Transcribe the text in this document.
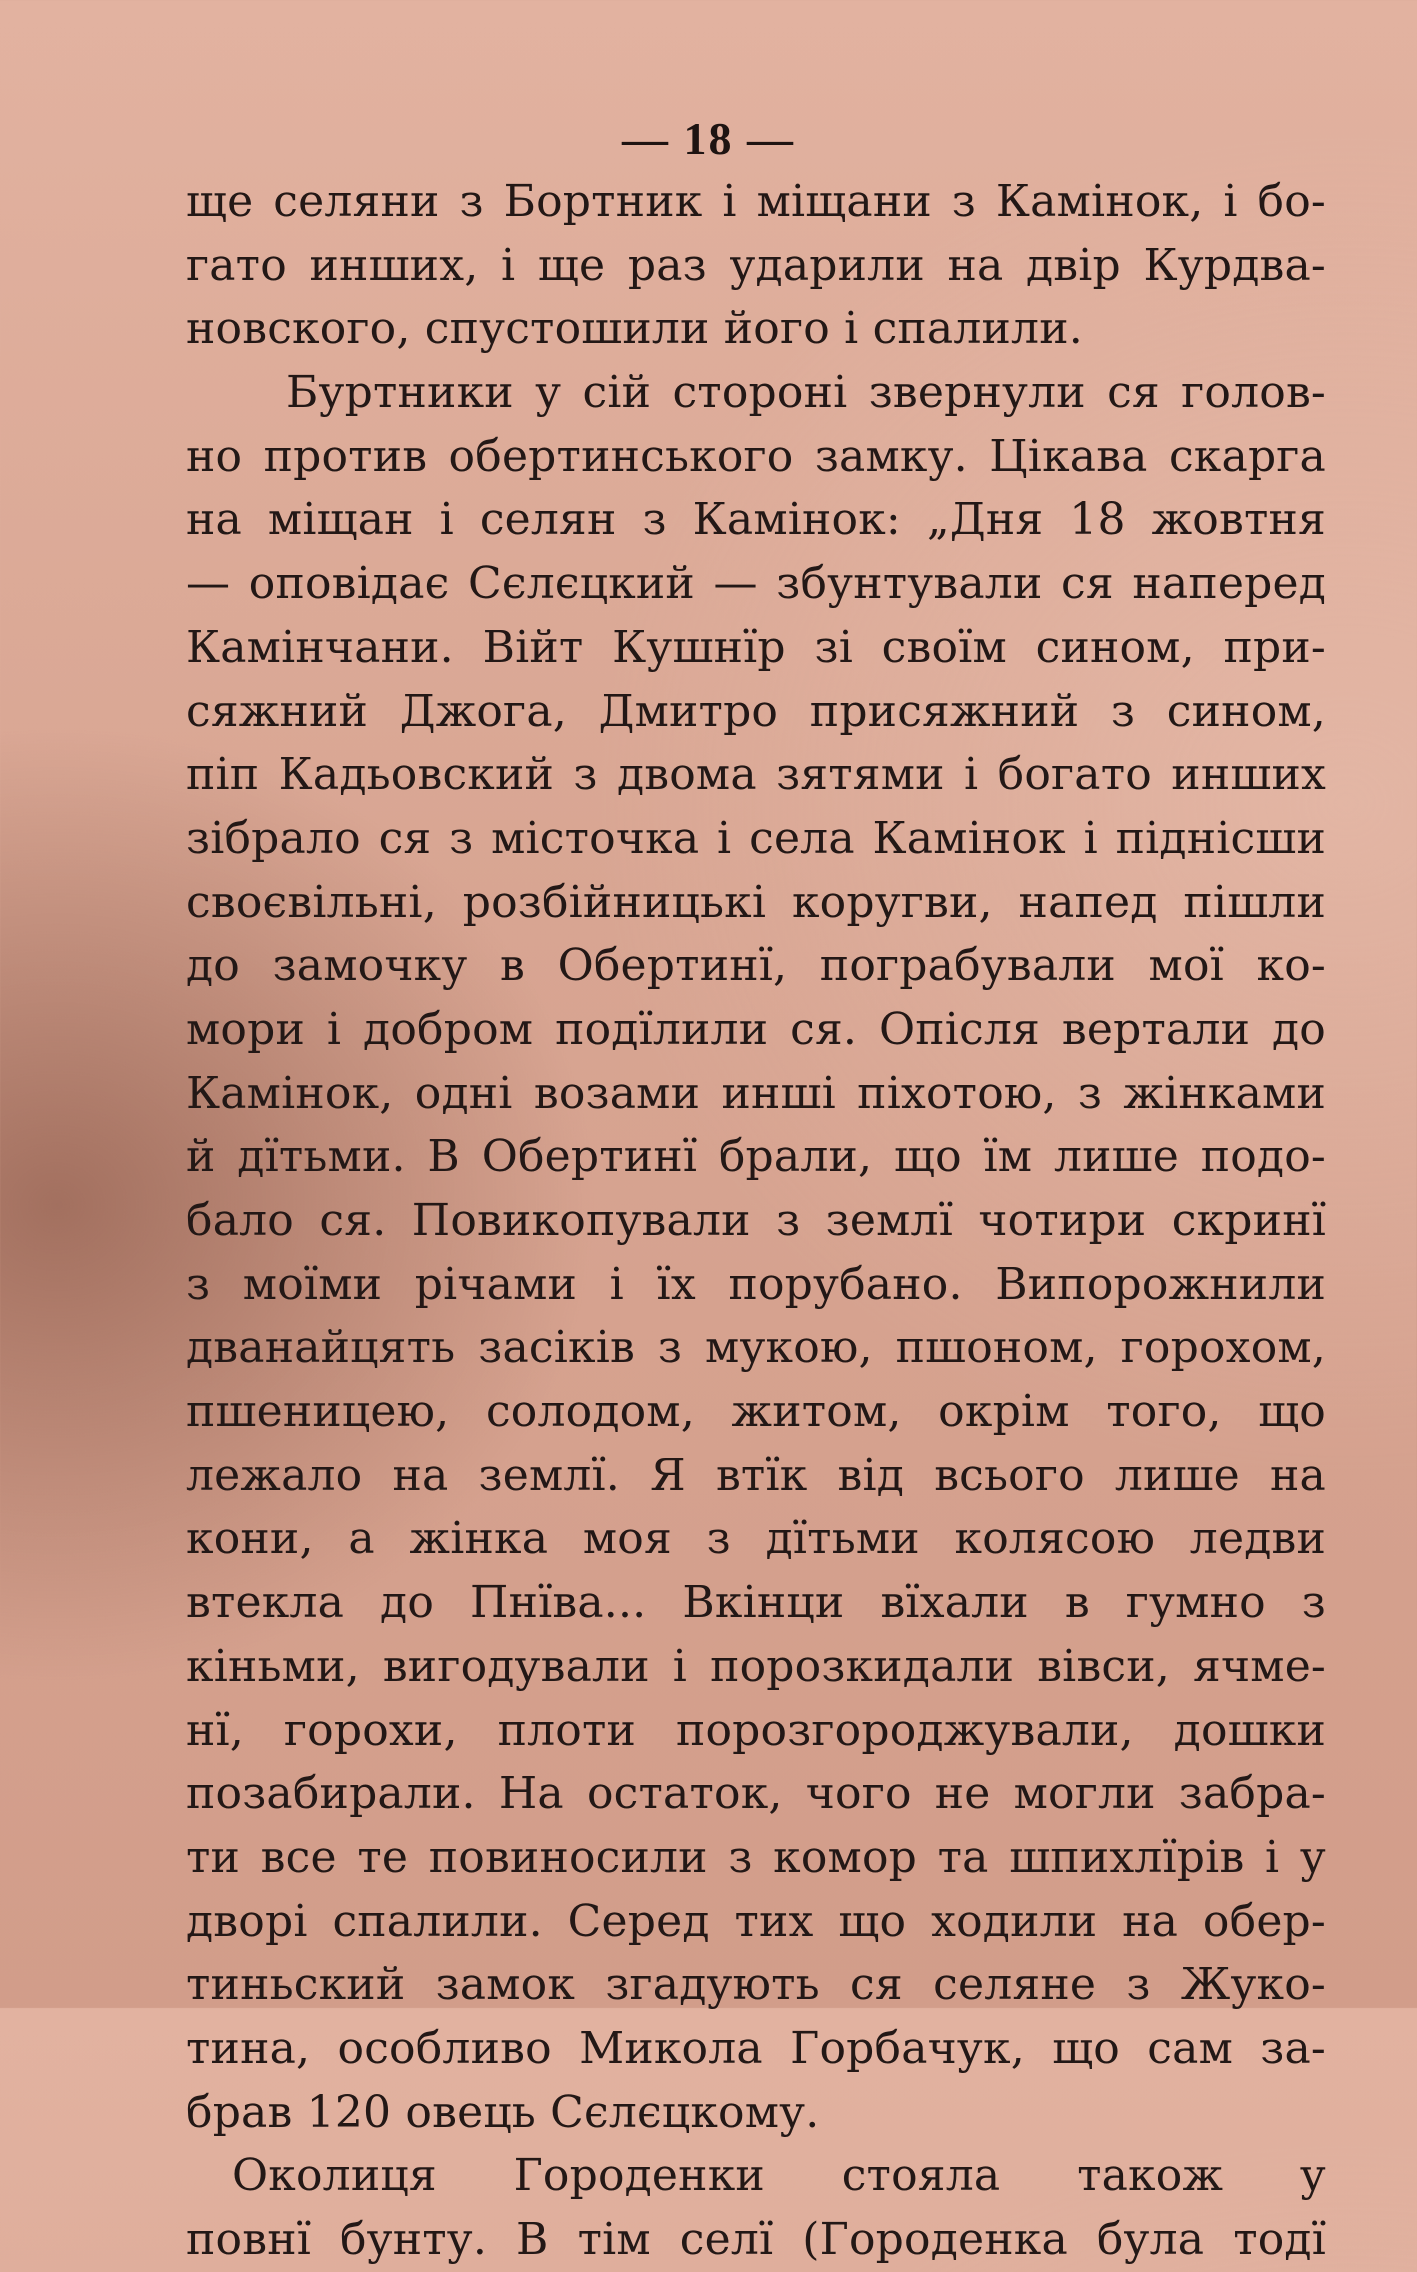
— 18 —
ще селяни з Бортник і міщани з Камінок, і бо-
гато инших, і ще раз ударили на двір Курдва-
новского, спустошили його і спалили.
Буртники у сій стороні звернули ся голов-
но против обертинського замку. Цікава скарга
на міщан і селян з Камінок: „Дня 18 жовтня
— оповідає Сєлєцкий — збунтували ся наперед
Камінчани. Війт Кушнїр зі своїм сином, при-
сяжний Джога, Дмитро присяжний з сином,
піп Кадьовский з двома зятями і богато инших
зібрало ся з місточка і села Камінок і піднісши
своєвільні, розбійницькі коругви, напед пішли
до замочку в Обертинї, пограбували мої ко-
мори і добром подїлили ся. Опісля вертали до
Камінок, одні возами инші піхотою, з жінками
й дїтьми. В Обертинї брали, що їм лише подо-
бало ся. Повикопували з землї чотири скринї
з моїми річами і їх порубано. Випорожнили
дванайцять засіків з мукою, пшоном, горохом,
пшеницею, солодом, житом, окрім того, що
лежало на землї. Я втїк від всього лише на
кони, а жінка моя з дїтьми колясою ледви
втекла до Пнїва... Вкінци вїхали в гумно з
кіньми, вигодували і порозкидали вівси, ячме-
нї, горохи, плоти порозгороджували, дошки
позабирали. На остаток, чого не могли забра-
ти все те повиносили з комор та шпихлїрів і у
дворі спалили. Серед тих що ходили на обер-
тиньский замок згадують ся селяне з Жуко-
тина, особливо Микола Горбачук, що сам за-
брав 120 овець Сєлєцкому.
Околиця Городенки стояла також у
повнї бунту. В тім селї (Городенка була тодї
